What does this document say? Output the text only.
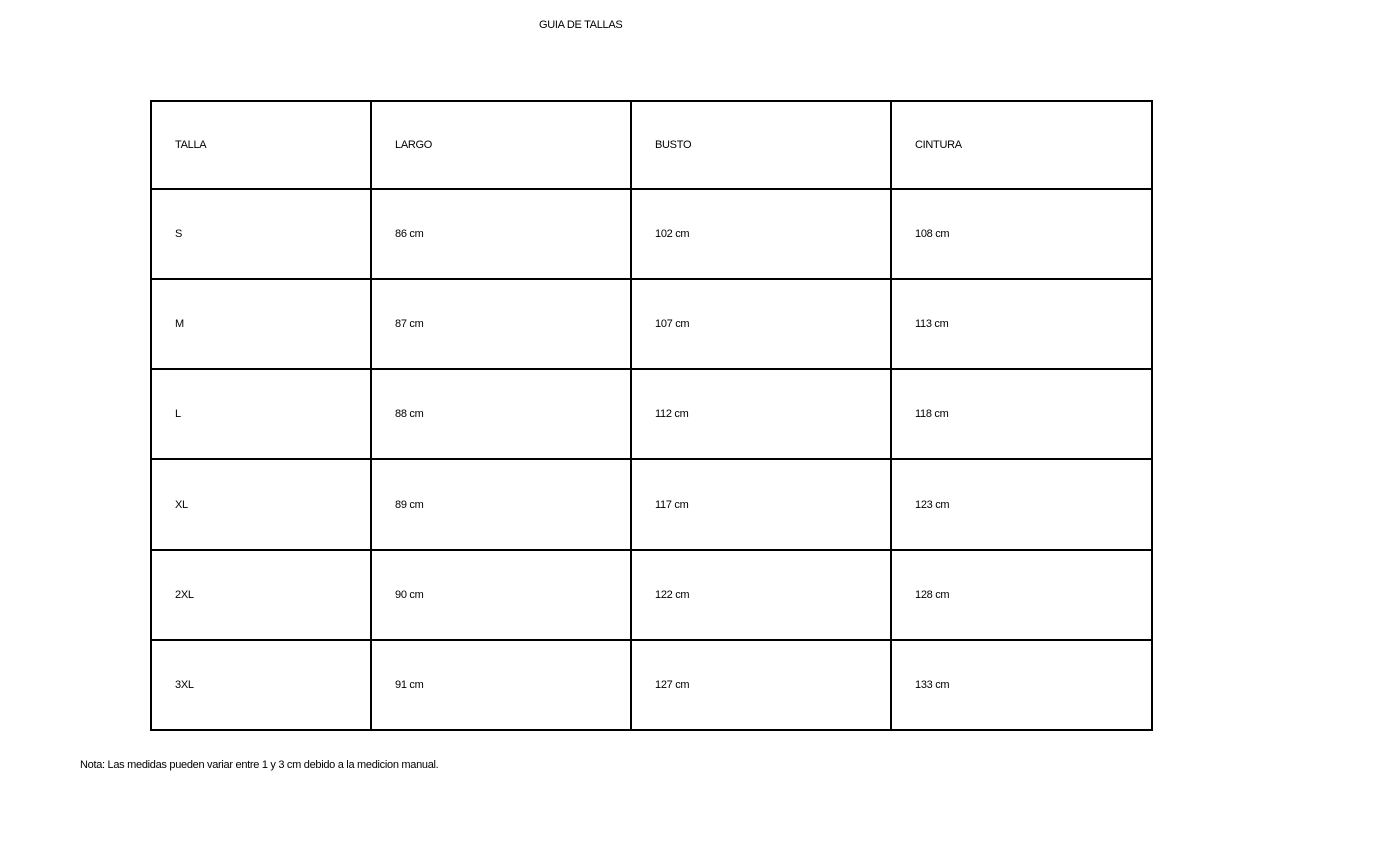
GUIA DE TALLAS
TALLA	LARGO	BUSTO	CINTURA
S	86 cm	102 cm	108 cm
M	87 cm	107 cm	113 cm
L	88 cm	112 cm	118 cm
XL	89 cm	117 cm	123 cm
2XL	90 cm	122 cm	128 cm
3XL	91 cm	127 cm	133 cm
Nota: Las medidas pueden variar entre 1 y 3 cm debido a la medicion manual.
